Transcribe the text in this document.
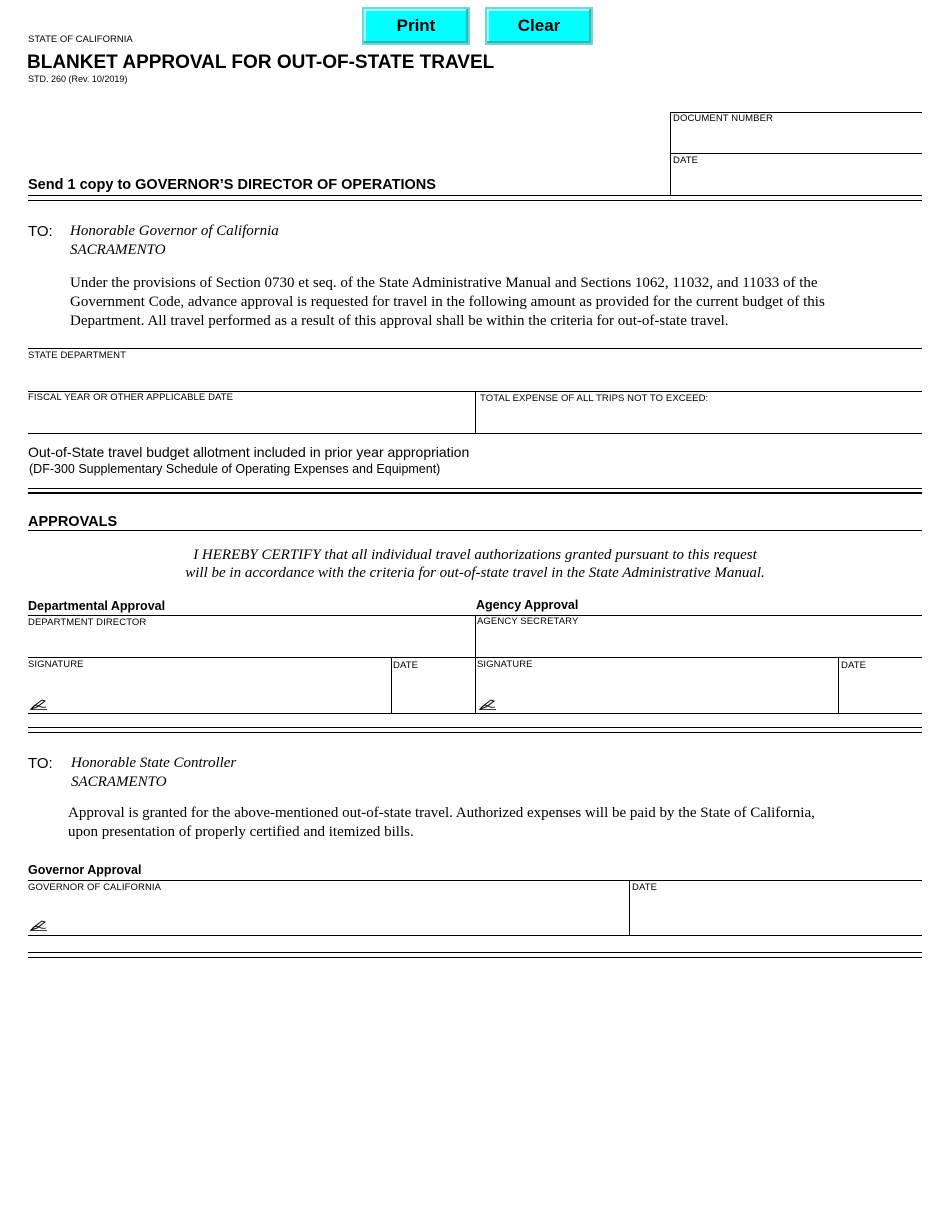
Print	Clear
STATE OF CALIFORNIA
BLANKET APPROVAL FOR OUT-OF-STATE TRAVEL
STD. 260 (Rev. 10/2019)
DOCUMENT NUMBER
DATE
Send 1 copy to GOVERNOR’S DIRECTOR OF OPERATIONS
TO: Honorable Governor of California
SACRAMENTO
Under the provisions of Section 0730 et seq. of the State Administrative Manual and Sections 1062, 11032, and 11033 of the
Government Code, advance approval is requested for travel in the following amount as provided for the current budget of this
Department. All travel performed as a result of this approval shall be within the criteria for out-of-state travel.
STATE DEPARTMENT
FISCAL YEAR OR OTHER APPLICABLE DATE	TOTAL EXPENSE OF ALL TRIPS NOT TO EXCEED:
Out-of-State travel budget allotment included in prior year appropriation
(DF-300 Supplementary Schedule of Operating Expenses and Equipment)
APPROVALS
I HEREBY CERTIFY that all individual travel authorizations granted pursuant to this request
will be in accordance with the criteria for out-of-state travel in the State Administrative Manual.
Departmental Approval	Agency Approval
DEPARTMENT DIRECTOR	AGENCY SECRETARY
SIGNATURE	DATE	SIGNATURE	DATE
TO: Honorable State Controller
SACRAMENTO
Approval is granted for the above-mentioned out-of-state travel. Authorized expenses will be paid by the State of California,
upon presentation of properly certified and itemized bills.
Governor Approval
GOVERNOR OF CALIFORNIA	DATE
